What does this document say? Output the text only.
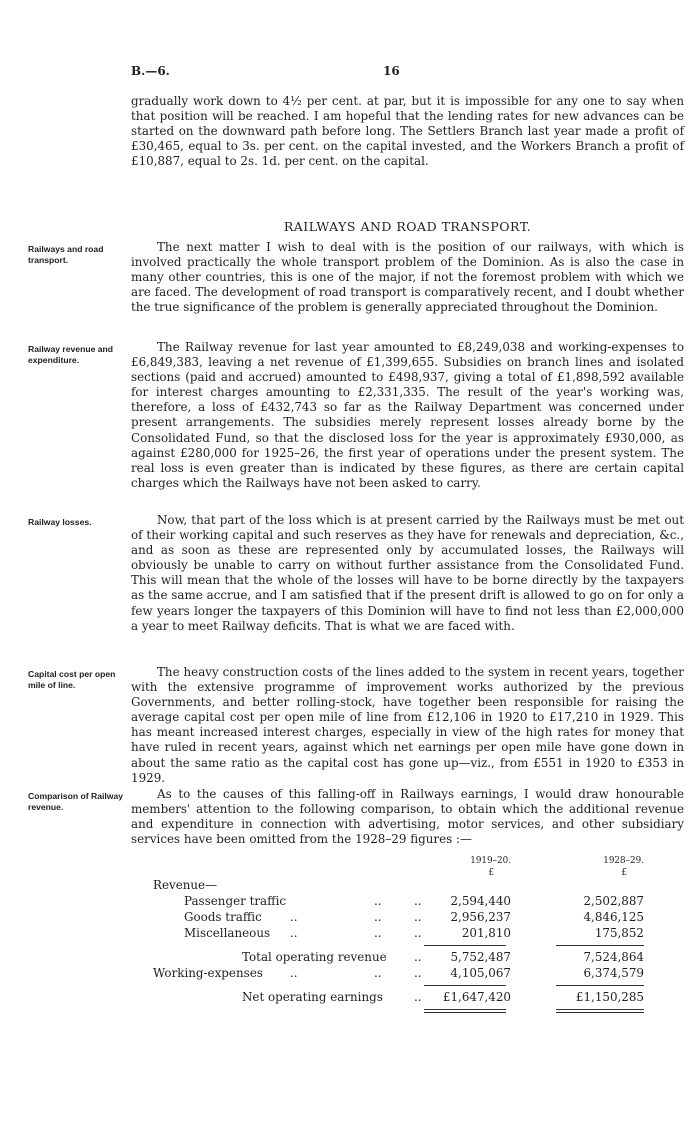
B.—6.	16

gradually work down to 4½ per cent. at par, but it is impossible for any one to say when that position will be reached. I am hopeful that the lending rates for new advances can be started on the downward path before long. The Settlers Branch last year made a profit of £30,465, equal to 3s. per cent. on the capital invested, and the Workers Branch a profit of £10,887, equal to 2s. 1d. per cent. on the capital.

RAILWAYS AND ROAD TRANSPORT.
Railways and road transport.

The next matter I wish to deal with is the position of our railways, with which is involved practically the whole transport problem of the Dominion. As is also the case in many other countries, this is one of the major, if not the foremost problem with which we are faced. The development of road transport is comparatively recent, and I doubt whether the true significance of the problem is generally appreciated throughout the Dominion.

Railway revenue and expenditure.

The Railway revenue for last year amounted to £8,249,038 and working-expenses to £6,849,383, leaving a net revenue of £1,399,655. Subsidies on branch lines and isolated sections (paid and accrued) amounted to £498,937, giving a total of £1,898,592 available for interest charges amounting to £2,331,335. The result of the year's working was, therefore, a loss of £432,743 so far as the Railway Department was concerned under present arrangements. The subsidies merely represent losses already borne by the Consolidated Fund, so that the disclosed loss for the year is approximately £930,000, as against £280,000 for 1925–26, the first year of operations under the present system. The real loss is even greater than is indicated by these figures, as there are certain capital charges which the Railways have not been asked to carry.

Railway losses.	Now, that part of the loss which is at present carried by the Railways must be met out of their working capital and such reserves as they have for renewals and depreciation, &c., and as soon as these are represented only by accumulated losses, the Railways will obviously be unable to carry on without further assistance from the Consolidated Fund. This will mean that the whole of the losses will have to be borne directly by the taxpayers as the same accrue, and I am satisfied that if the present drift is allowed to go on for only a few years longer the taxpayers of this Dominion will have to find not less than £2,000,000 a year to meet Railway deficits. That is what we are faced with.

Capital cost per open mile of line.

The heavy construction costs of the lines added to the system in recent years, together with the extensive programme of improvement works authorized by the previous Governments, and better rolling-stock, have together been responsible for raising the average capital cost per open mile of line from £12,106 in 1920 to £17,210 in 1929. This has meant increased interest charges, especially in view of the high rates for money that have ruled in recent years, against which net earnings per open mile have gone down in about the same ratio as the capital cost has gone up—viz., from £551 in 1920 to £353 in 1929.

Comparison of Railway revenue.

As to the causes of this falling-off in Railways earnings, I would draw honourable members' attention to the following comparison, to obtain which the additional revenue and expenditure in connection with advertising, motor services, and other subsidiary services have been omitted from the 1928–29 figures :—

1919–20.	1928–29.
£	£
Revenue—
Passenger traffic	..	.. 2,594,440	2,502,887
Goods traffic ..	..	.. 2,956,237	4,846,125
Miscellaneous ..	..	..	201,810	175,852
Total operating revenue .. 5,752,487	7,524,864
Working-expenses ..	..	.. 4,105,067	6,374,579
Net operating earnings	.. £1,647,420	£1,150,285
